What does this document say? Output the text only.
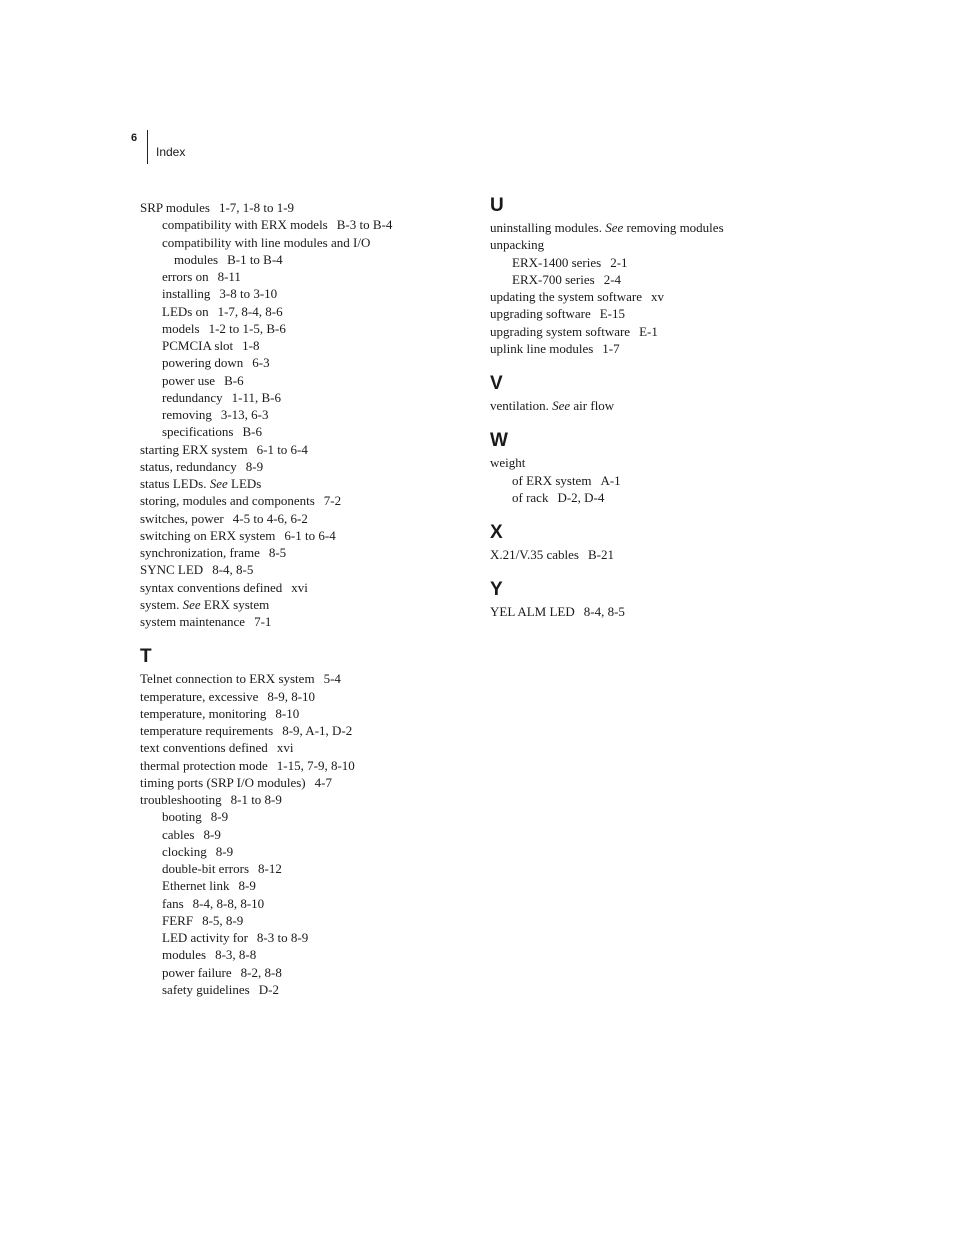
6
Index
SRP modules 1-7, 1-8 to 1-9
compatibility with ERX models B-3 to B-4
compatibility with line modules and I/O
modules B-1 to B-4
errors on 8-11
installing 3-8 to 3-10
LEDs on 1-7, 8-4, 8-6
models 1-2 to 1-5, B-6
PCMCIA slot 1-8
powering down 6-3
power use B-6
redundancy 1-11, B-6
removing 3-13, 6-3
specifications B-6
starting ERX system 6-1 to 6-4
status, redundancy 8-9
status LEDs. See LEDs
storing, modules and components 7-2
switches, power 4-5 to 4-6, 6-2
switching on ERX system 6-1 to 6-4
synchronization, frame 8-5
SYNC LED 8-4, 8-5
syntax conventions defined xvi
system. See ERX system
system maintenance 7-1
T
Telnet connection to ERX system 5-4
temperature, excessive 8-9, 8-10
temperature, monitoring 8-10
temperature requirements 8-9, A-1, D-2
text conventions defined xvi
thermal protection mode 1-15, 7-9, 8-10
timing ports (SRP I/O modules) 4-7
troubleshooting 8-1 to 8-9
booting 8-9
cables 8-9
clocking 8-9
double-bit errors 8-12
Ethernet link 8-9
fans 8-4, 8-8, 8-10
FERF 8-5, 8-9
LED activity for 8-3 to 8-9
modules 8-3, 8-8
power failure 8-2, 8-8
safety guidelines D-2
U
uninstalling modules. See removing modules
unpacking
ERX-1400 series 2-1
ERX-700 series 2-4
updating the system software xv
upgrading software E-15
upgrading system software E-1
uplink line modules 1-7
V
ventilation. See air flow
W
weight
of ERX system A-1
of rack D-2, D-4
X
X.21/V.35 cables B-21
Y
YEL ALM LED 8-4, 8-5
